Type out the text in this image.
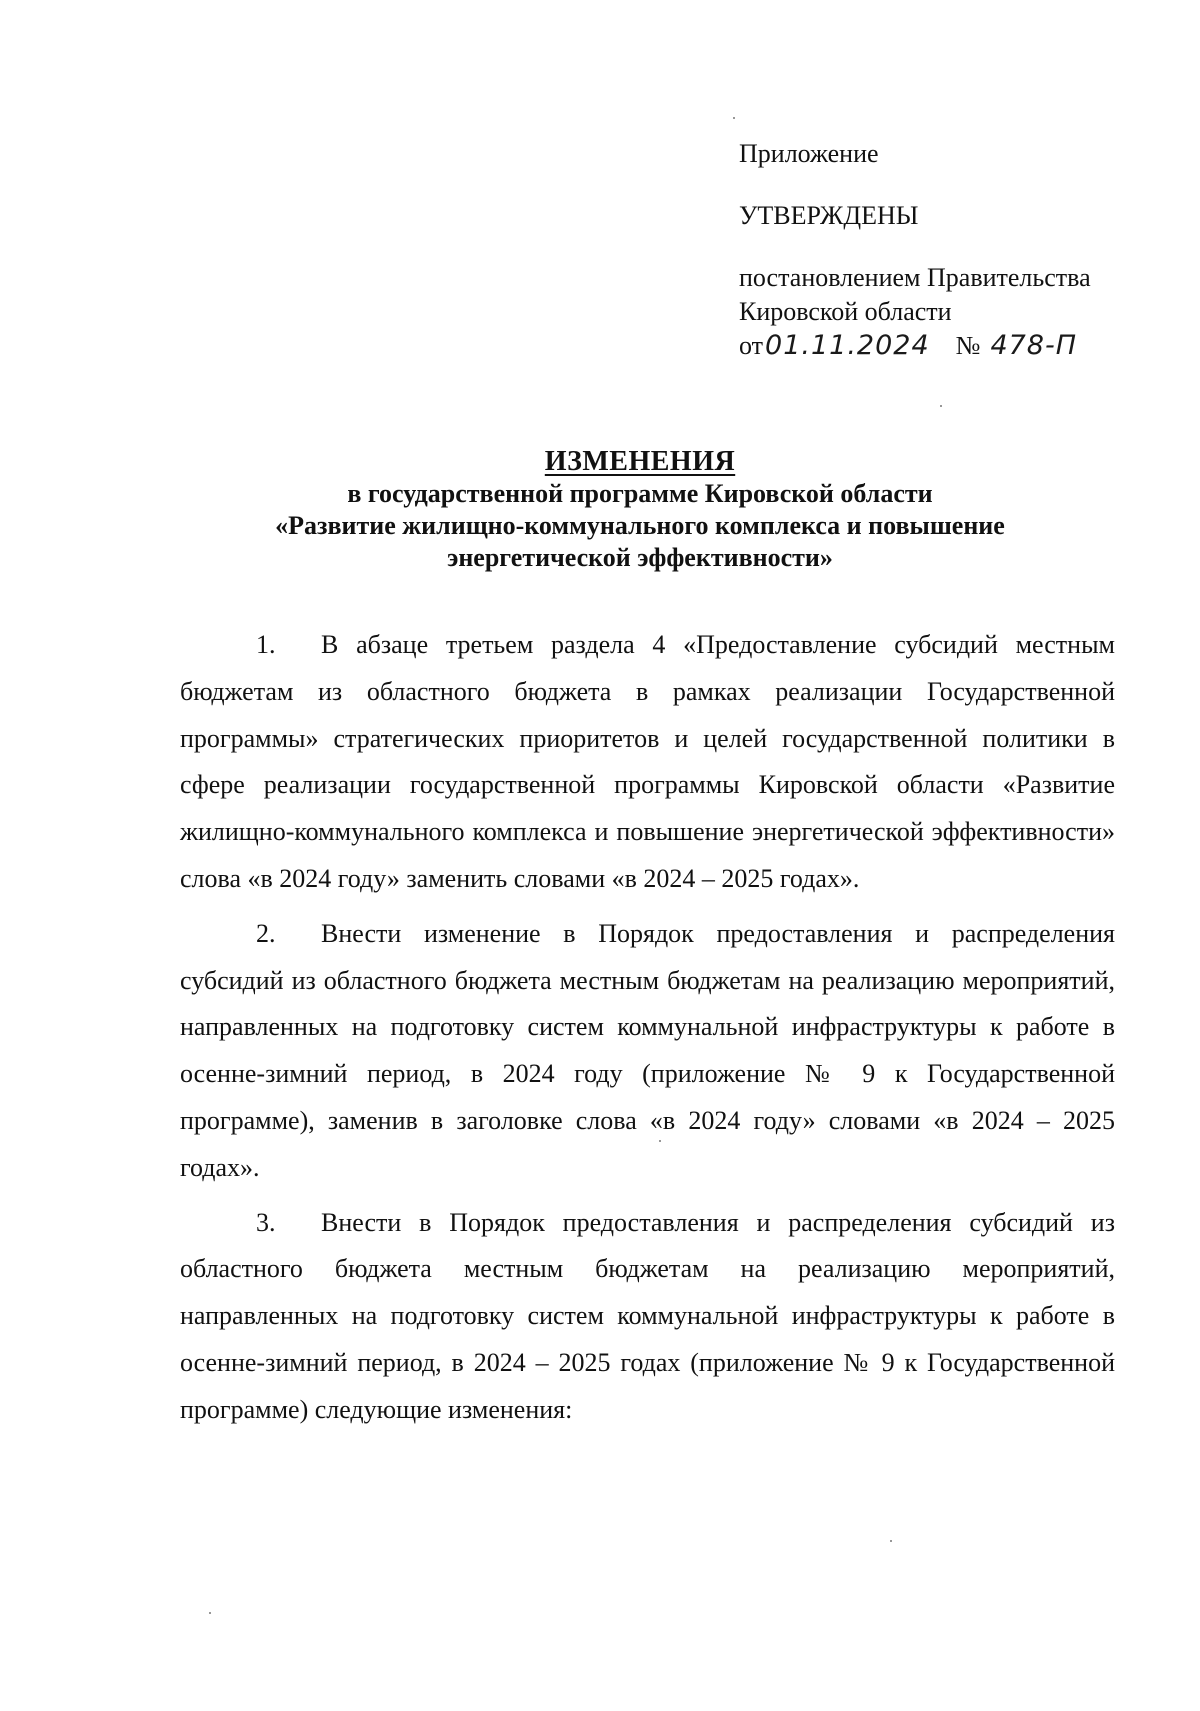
Приложение

УТВЕРЖДЕНЫ

постановлением Правительства

Кировской области

от01.11.2024 № 478-П

ИЗМЕНЕНИЯ
в государственной программе Кировской области
«Развитие жилищно-коммунального комплекса и повышение
энергетической эффективности»

1. В абзаце третьем раздела 4 «Предоставление субсидий местным бюджетам из областного бюджета в рамках реализации Государственной программы» стратегических приоритетов и целей государственной политики в сфере реализации государственной программы Кировской области «Развитие жилищно-коммунального комплекса и повышение энергетической эффективности» слова «в 2024 году» заменить словами «в 2024 – 2025 годах».

2. Внести изменение в Порядок предоставления и распределения субсидий из областного бюджета местным бюджетам на реализацию мероприятий, направленных на подготовку систем коммунальной инфраструктуры к работе в осенне-зимний период, в 2024 году (приложение № 9 к Государственной программе), заменив в заголовке слова «в 2024 году» словами «в 2024 – 2025 годах».

3. Внести в Порядок предоставления и распределения субсидий из областного бюджета местным бюджетам на реализацию мероприятий, направленных на подготовку систем коммунальной инфраструктуры к работе в осенне-зимний период, в 2024 – 2025 годах (приложение № 9 к Государственной программе) следующие изменения:
